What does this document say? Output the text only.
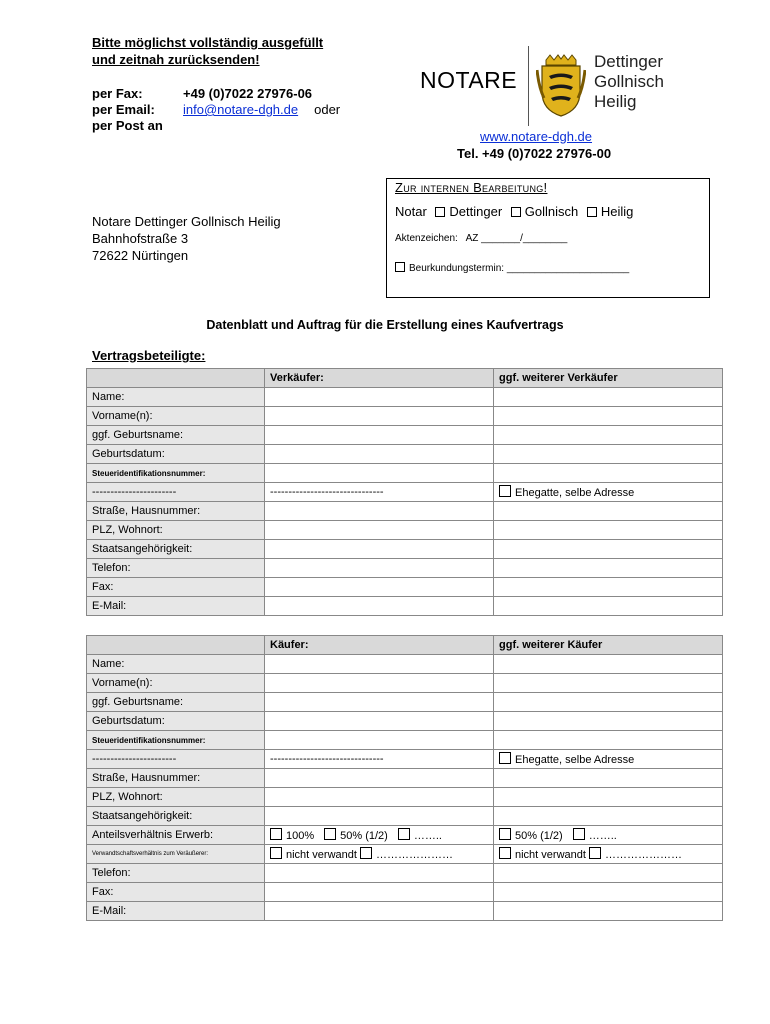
Bitte möglichst vollständig ausgefüllt
und zeitnah zurücksenden!
per Fax:	+49 (0)7022 27976-06
per Email: info@notare-dgh.de oder
per Post an
NOTARE
Dettinger
Gollnisch
Heilig
www.notare-dgh.de
Tel. +49 (0)7022 27976-00
Zur internen Bearbeitung!
Notar Dettinger Gollnisch Heilig
Aktenzeichen:   AZ _______/________
Beurkundungstermin: ______________________
Notare Dettinger Gollnisch Heilig
Bahnhofstraße 3
72622 Nürtingen
Datenblatt und Auftrag für die Erstellung eines Kaufvertrags
Vertragsbeteiligte:
	Verkäufer:	ggf. weiterer Verkäufer
Name:		
Vorname(n):		
ggf. Geburtsname:		
Geburtsdatum:		
Steueridentifikationsnummer:		
-----------------------	-------------------------------	Ehegatte, selbe Adresse
Straße, Hausnummer:		
PLZ, Wohnort:		
Staatsangehörigkeit:		
Telefon:		
Fax:		
E-Mail:		
	Käufer:	ggf. weiterer Käufer
Name:		
Vorname(n):		
ggf. Geburtsname:		
Geburtsdatum:		
Steueridentifikationsnummer:		
-----------------------	-------------------------------	Ehegatte, selbe Adresse
Straße, Hausnummer:		
PLZ, Wohnort:		
Staatsangehörigkeit:		
Anteilsverhältnis Erwerb:	100% 50% (1/2) ……..	50% (1/2) ……..
Verwandtschaftsverhältnis zum Veräußerer:	nicht verwandt …………………	nicht verwandt …………………
Telefon:		
Fax:		
E-Mail:		
